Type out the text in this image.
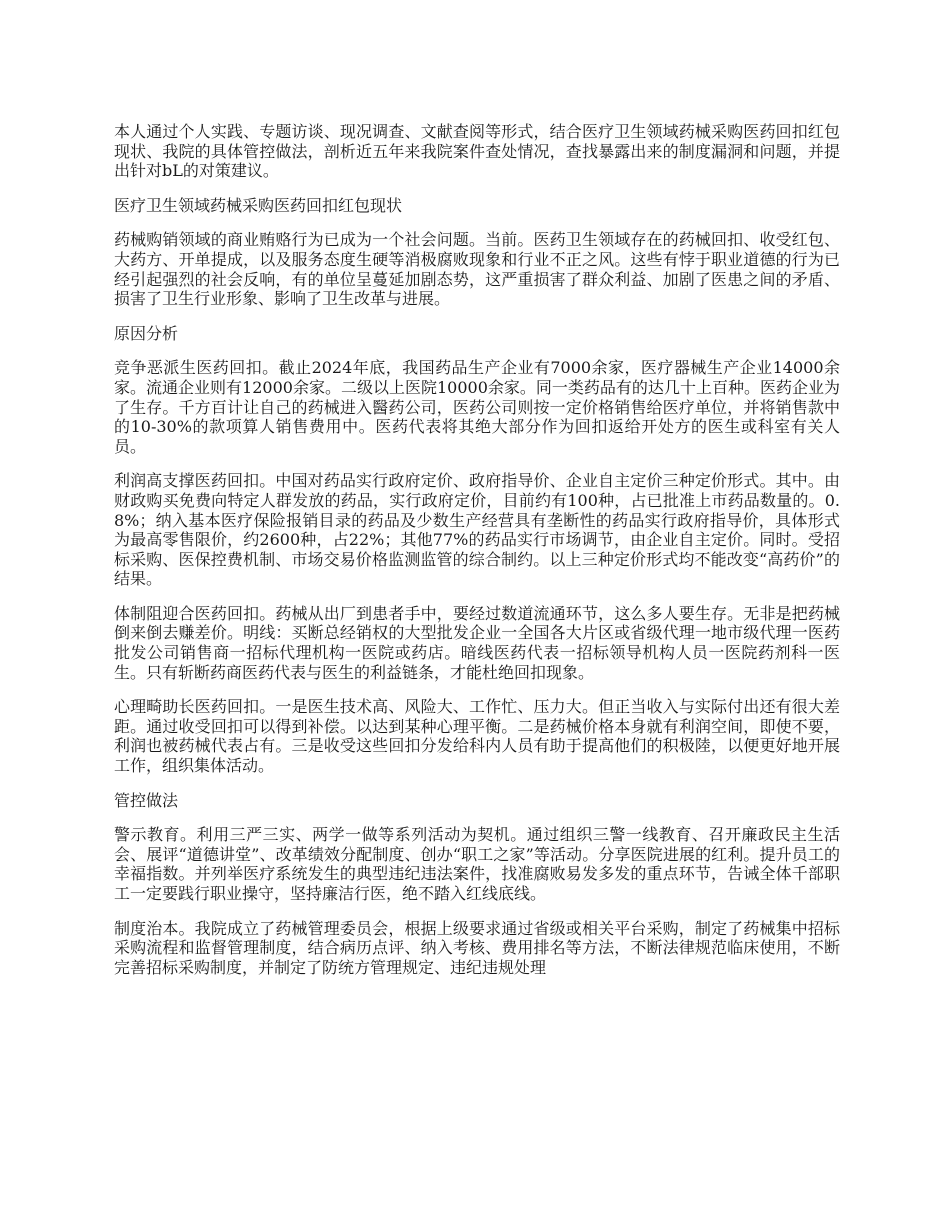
本人通过个人实践、专题访谈、现况调查、文献查阅等形式，结合医疗卫生领域药械采购医药回扣红包现状、我院的具体管控做法，剖析近五年来我院案件查处情况，查找暴露出来的制度漏洞和问题，并提出针对bL的对策建议。

医疗卫生领域药械采购医药回扣红包现状

药械购销领域的商业贿赂行为已成为一个社会问题。当前。医药卫生领域存在的药械回扣、收受红包、大药方、开单提成，以及服务态度生硬等消极腐败现象和行业不正之风。这些有悖于职业道德的行为已经引起强烈的社会反响，有的单位呈蔓延加剧态势，这严重损害了群众利益、加剧了医患之间的矛盾、损害了卫生行业形象、影响了卫生改革与进展。

原因分析

竞争恶派生医药回扣。截止2024年底，我国药品生产企业有7000余家，医疗器械生产企业14000余家。流通企业则有12000余家。二级以上医院10000余家。同一类药品有的达几十上百种。医药企业为了生存。千方百计让自己的药械进入醫药公司，医药公司则按一定价格销售给医疗单位，并将销售款中的10-30%的款项算人销售费用中。医药代表将其绝大部分作为回扣返给开处方的医生或科室有关人员。

利润高支撑医药回扣。中国对药品实行政府定价、政府指导价、企业自主定价三种定价形式。其中。由财政购买免费向特定人群发放的药品，实行政府定价，目前约有100种，占已批准上市药品数量的。0.8%；纳入基本医疗保险报销目录的药品及少数生产经营具有垄断性的药品实行政府指导价，具体形式为最高零售限价，约2600种，占22%；其他77%的药品实行市场调节，由企业自主定价。同时。受招标采购、医保控费机制、市场交易价格监测监管的综合制约。以上三种定价形式均不能改变“高药价”的结果。

体制阻迎合医药回扣。药械从出厂到患者手中，要经过数道流通环节，这么多人要生存。无非是把药械倒来倒去赚差价。明线：买断总经销权的大型批发企业一全国各大片区或省级代理一地市级代理一医药批发公司销售商一招标代理机构一医院或药店。暗线医药代表一招标领导机构人员一医院药剂科一医生。只有斩断药商医药代表与医生的利益链条，才能杜绝回扣现象。

心理畸助长医药回扣。一是医生技术高、风险大、工作忙、压力大。但正当收入与实际付出还有很大差距。通过收受回扣可以得到补偿。以达到某种心理平衡。二是药械价格本身就有利润空间，即使不要，利润也被药械代表占有。三是收受这些回扣分发给科内人员有助于提高他们的积极陸，以便更好地开展工作，组织集体活动。

管控做法

警示教育。利用三严三实、两学一做等系列活动为契机。通过组织三警一线教育、召开廉政民主生活会、展评“道德讲堂”、改革绩效分配制度、创办“职工之家”等活动。分享医院进展的红利。提升员工的幸福指数。并列举医疗系统发生的典型违纪违法案件，找准腐败易发多发的重点环节，告诫全体千部职工一定要践行职业操守，坚持廉洁行医，绝不踏入红线底线。

制度治本。我院成立了药械管理委员会，根据上级要求通过省级或相关平台采购，制定了药械集中招标采购流程和监督管理制度，结合病历点评、纳入考核、费用排名等方法，不断法律规范临床使用，不断完善招标采购制度，并制定了防统方管理规定、违纪违规处理
